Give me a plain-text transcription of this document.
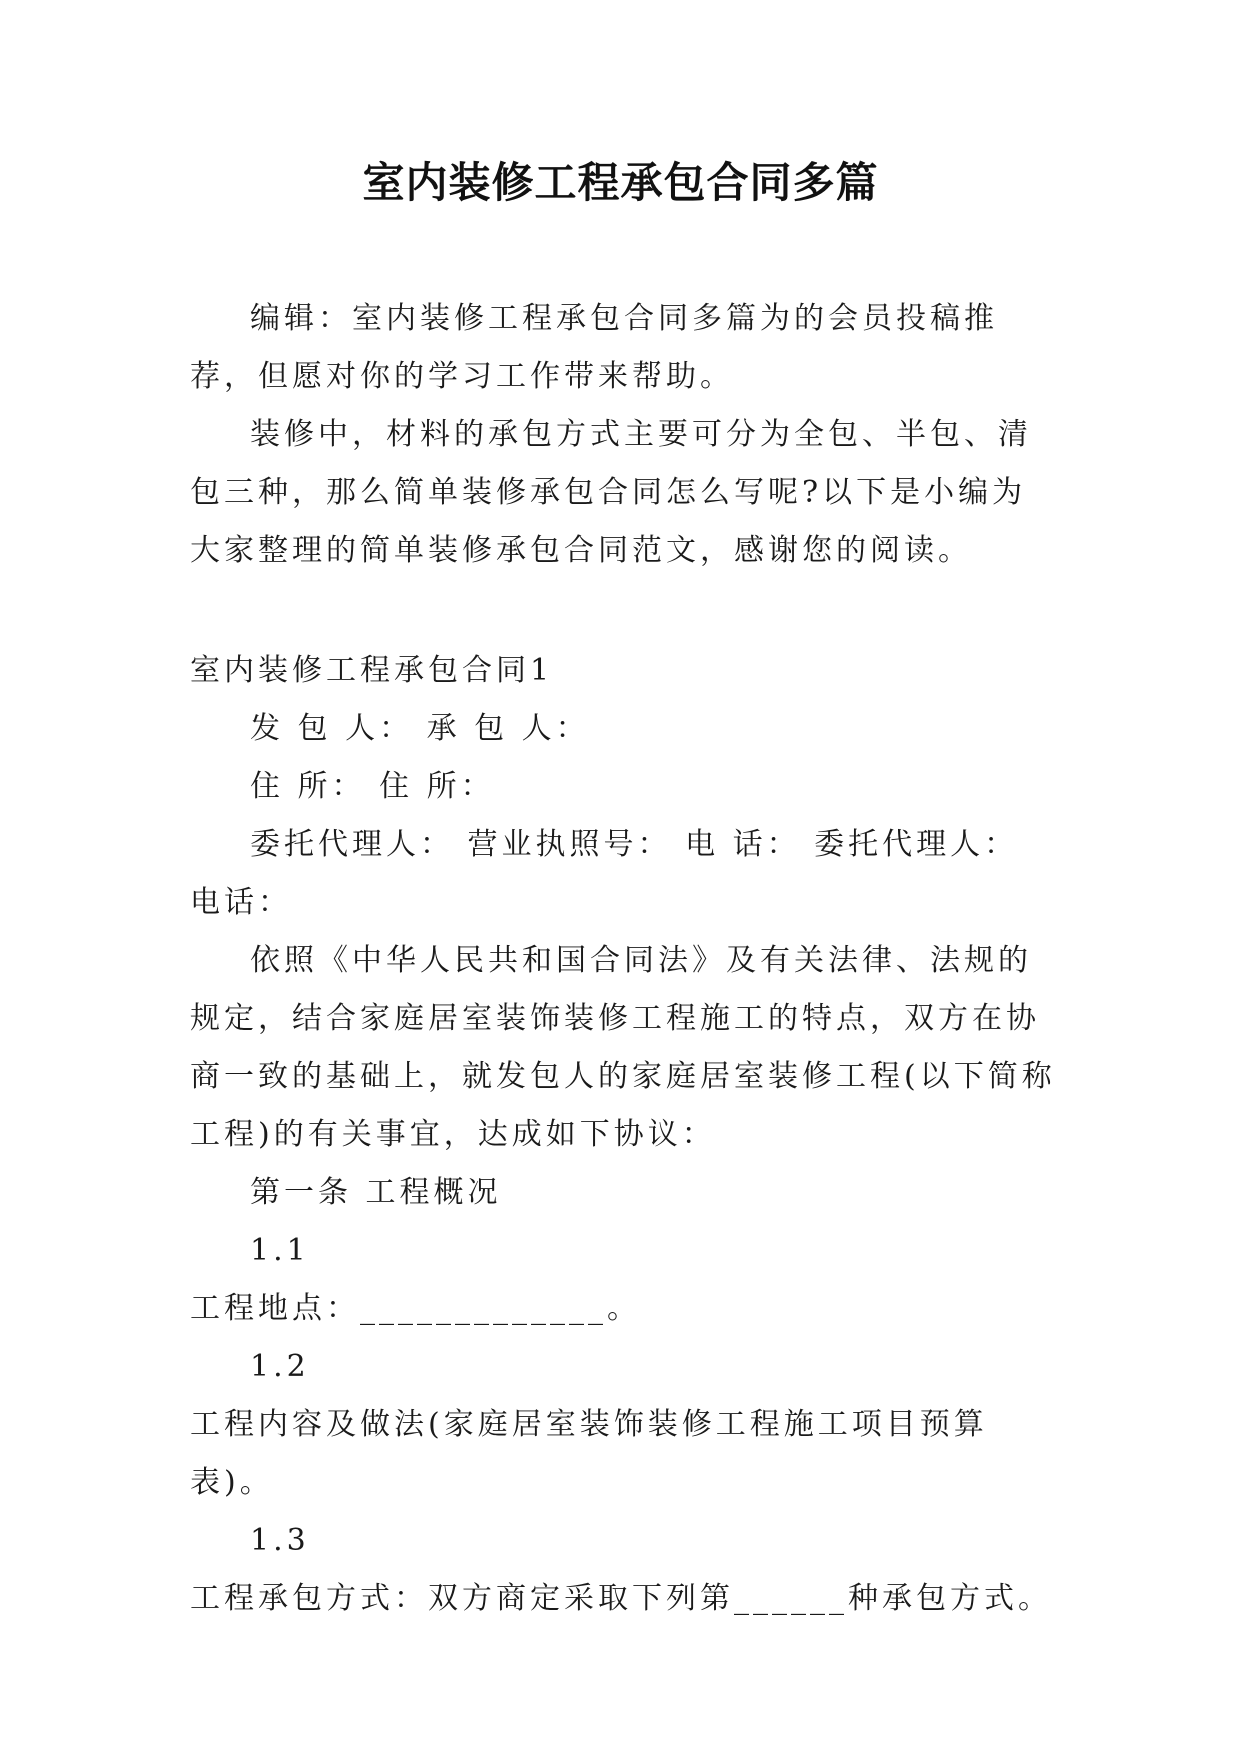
室内装修工程承包合同多篇

编辑：室内装修工程承包合同多篇为的会员投稿推荐，但愿对你的学习工作带来帮助。

装修中，材料的承包方式主要可分为全包、半包、清包三种，那么简单装修承包合同怎么写呢?以下是小编为大家整理的简单装修承包合同范文，感谢您的阅读。

室内装修工程承包合同1

发 包 人： 承 包 人：

住 所： 住 所：

委托代理人： 营业执照号： 电 话： 委托代理人：

电话：

依照《中华人民共和国合同法》及有关法律、法规的规定，结合家庭居室装饰装修工程施工的特点，双方在协商一致的基础上，就发包人的家庭居室装修工程(以下简称工程)的有关事宜，达成如下协议：

第一条 工程概况

1.1

工程地点：_____________。

1.2

工程内容及做法(家庭居室装饰装修工程施工项目预算表)。

1.3

工程承包方式：双方商定采取下列第______种承包方式。
